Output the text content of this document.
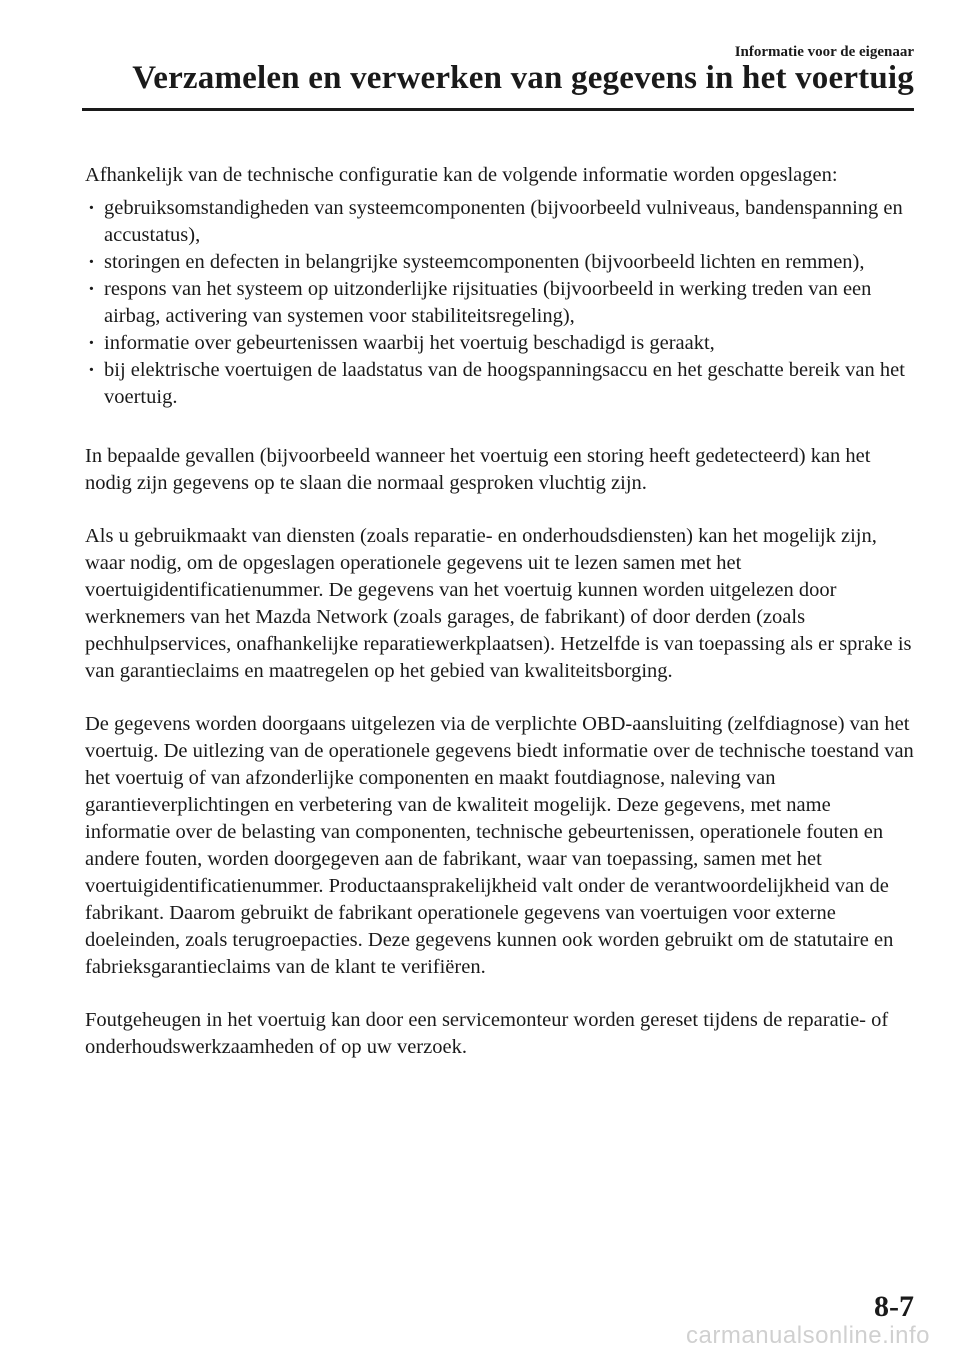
Informatie voor de eigenaar
Verzamelen en verwerken van gegevens in het voertuig

Afhankelijk van de technische configuratie kan de volgende informatie worden opgeslagen:

· gebruiksomstandigheden van systeemcomponenten (bijvoorbeeld vulniveaus, bandenspanning en accustatus),
· storingen en defecten in belangrijke systeemcomponenten (bijvoorbeeld lichten en remmen),
· respons van het systeem op uitzonderlijke rijsituaties (bijvoorbeeld in werking treden van een airbag, activering van systemen voor stabiliteitsregeling),
· informatie over gebeurtenissen waarbij het voertuig beschadigd is geraakt,
· bij elektrische voertuigen de laadstatus van de hoogspanningsaccu en het geschatte bereik van het voertuig.

In bepaalde gevallen (bijvoorbeeld wanneer het voertuig een storing heeft gedetecteerd) kan het nodig zijn gegevens op te slaan die normaal gesproken vluchtig zijn.

Als u gebruikmaakt van diensten (zoals reparatie- en onderhoudsdiensten) kan het mogelijk zijn, waar nodig, om de opgeslagen operationele gegevens uit te lezen samen met het voertuigidentificatienummer. De gegevens van het voertuig kunnen worden uitgelezen door werknemers van het Mazda Network (zoals garages, de fabrikant) of door derden (zoals pechhulpservices, onafhankelijke reparatiewerkplaatsen). Hetzelfde is van toepassing als er sprake is van garantieclaims en maatregelen op het gebied van kwaliteitsborging.

De gegevens worden doorgaans uitgelezen via de verplichte OBD-aansluiting (zelfdiagnose) van het voertuig. De uitlezing van de operationele gegevens biedt informatie over de technische toestand van het voertuig of van afzonderlijke componenten en maakt foutdiagnose, naleving van garantieverplichtingen en verbetering van de kwaliteit mogelijk. Deze gegevens, met name informatie over de belasting van componenten, technische gebeurtenissen, operationele fouten en andere fouten, worden doorgegeven aan de fabrikant, waar van toepassing, samen met het voertuigidentificatienummer. Productaansprakelijkheid valt onder de verantwoordelijkheid van de fabrikant. Daarom gebruikt de fabrikant operationele gegevens van voertuigen voor externe doeleinden, zoals terugroepacties. Deze gegevens kunnen ook worden gebruikt om de statutaire en fabrieksgarantieclaims van de klant te verifiëren.

Foutgeheugen in het voertuig kan door een servicemonteur worden gereset tijdens de reparatie- of onderhoudswerkzaamheden of op uw verzoek.

8-7
carmanualsonline.info
